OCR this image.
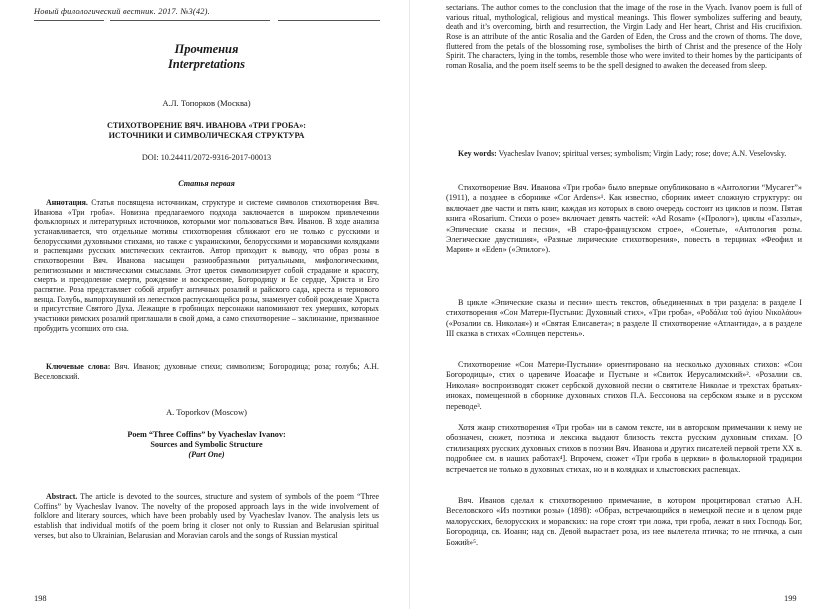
Новый филологический вестник. 2017. №3(42).
Прочтения
Interpretations
А.Л. Топорков (Москва)
СТИХОТВОРЕНИЕ ВЯЧ. ИВАНОВА «ТРИ ГРОБА»:
ИСТОЧНИКИ И СИМВОЛИЧЕСКАЯ СТРУКТУРА
DOI: 10.24411/2072-9316-2017-00013
Статья первая
Аннотация. Статья посвящена источникам, структуре и системе символов стихотворения Вяч. Иванова «Три гроба». Новизна предлагаемого подхода заключается в широком привлечении фольклорных и литературных источников, которыми мог пользоваться Вяч. Иванов. В ходе анализа устанавливается, что отдельные мотивы стихотворения сближают его не только с русскими и белорусскими духовными стихами, но также с украинскими, белорусскими и моравскими колядками и распевцами русских мистических сектантов. Автор приходит к выводу, что образ розы в стихотворении Вяч. Иванова насыщен разнообразными ритуальными, мифологическими, религиозными и мистическими смыслами. Этот цветок символизирует собой страдание и красоту, смерть и преодоление смерти, рождение и воскресение, Богородицу и Ее сердце, Христа и Его распятие. Роза представляет собой атрибут античных розалий и райского сада, креста и тернового венца. Голубь, выпорхнувший из лепестков распускающейся розы, знаменует собой рождение Христа и присутствие Святого Духа. Лежащие в гробницах персонажи напоминают тех умерших, которых участники римских розалий приглашали в свой дома, а само стихотворение – заклинание, призванное пробудить усопших ото сна.
Ключевые слова: Вяч. Иванов; духовные стихи; символизм; Богородица; роза; голубь; А.Н. Веселовский.
A. Toporkov (Moscow)
Poem “Three Coffins” by Vyacheslav Ivanov:
Sources and Symbolic Structure
(Part One)
Abstract. The article is devoted to the sources, structure and system of symbols of the poem “Three Coffins” by Vyacheslav Ivanov. The novelty of the proposed approach lays in the wide involvement of folklore and literary sources, which have been probably used by Vyacheslav Ivanov. The analysis lets us establish that individual motifs of the poem bring it closer not only to Russian and Belarusian spiritual verses, but also to Ukrainian, Belarusian and Moravian carols and the songs of Russian mystical
198
sectarians. The author comes to the conclusion that the image of the rose in the Vyach. Ivanov poem is full of various ritual, mythological, religious and mystical meanings. This flower symbolizes suffering and beauty, death and it’s overcoming, birth and resurrection, the Virgin Lady and Her heart, Christ and His crucifixion. Rose is an attribute of the antic Rosalia and the Garden of Eden, the Cross and the crown of thorns. The dove, fluttered from the petals of the blossoming rose, symbolises the birth of Christ and the presence of the Holy Spirit. The characters, lying in the tombs, resemble those who were invited to their homes by the participants of roman Rosalia, and the poem itself seems to be the spell designed to awaken the deceased from sleep.
Key words: Vyacheslav Ivanov; spiritual verses; symbolism; Virgin Lady; rose; dove; A.N. Veselovsky.
Стихотворение Вяч. Иванова «Три гроба» было впервые опубликовано в «Антологии “Мусагет”» (1911), а позднее в сборнике «Cor Ardens»¹. Как известно, сборник имеет сложную структуру: он включает две части и пять книг, каждая из которых в свою очередь состоит из циклов и поэм. Пятая книга «Rosarium. Стихи о розе» включает девять частей: «Ad Rosam» («Пролог»), циклы «Газэлы», «Эпические сказы и песни», «В старо-французском строе», «Сонеты», «Антология розы. Элегические двустишия», «Разные лирические стихотворения», повесть в терцинах «Феофил и Мария» и «Eden» («Эпилог»).
В цикле «Эпические сказы и песни» шесть текстов, объединенных в три раздела: в разделе I стихотворения «Сон Матери-Пустыни: Духовный стих», «Три гроба», «Ροδάλια τοῦ ἁγίου Νικολάου» («Розалии св. Николая») и «Святая Елисавета»; в разделе II стихотворение «Атлантида», а в разделе III сказка в стихах «Солнцев перстень».
Стихотворение «Сон Матери-Пустыни» ориентировано на несколько духовных стихов: «Сон Богородицы», стих о царевиче Иоасафе и Пустыне и «Свиток Иерусалимский»². «Розалии св. Николая» воспроизводят сюжет сербской духовной песни о святителе Николае и трехстах братьях-иноках, помещенной в сборнике духовных стихов П.А. Бессонова на сербском языке и в русском переводе³.
Хотя жанр стихотворения «Три гроба» ни в самом тексте, ни в авторском примечании к нему не обозначен, сюжет, поэтика и лексика выдают близость текста русским духовным стихам. [О стилизациях русских духовных стихов в поэзии Вяч. Иванова и других писателей первой трети XX в. подробнее см. в наших работах⁴]. Впрочем, сюжет «Три гроба в церкви» в фольклорной традиции встречается не только в духовных стихах, но и в колядках и хлыстовских распевцах.
Вяч. Иванов сделал к стихотворению примечание, в котором процитировал статью А.Н. Веселовского «Из поэтики розы» (1898): «Образ, встречающийся в немецкой песне и в целом ряде малорусских, белорусских и моравских: на горе стоят три ложа, три гроба, лежат в них Господь Бог, Богородица, св. Иоанн; над св. Девой вырастает роза, из нее вылетела птичка; то не птичка, а сын Божий»⁵.
199
